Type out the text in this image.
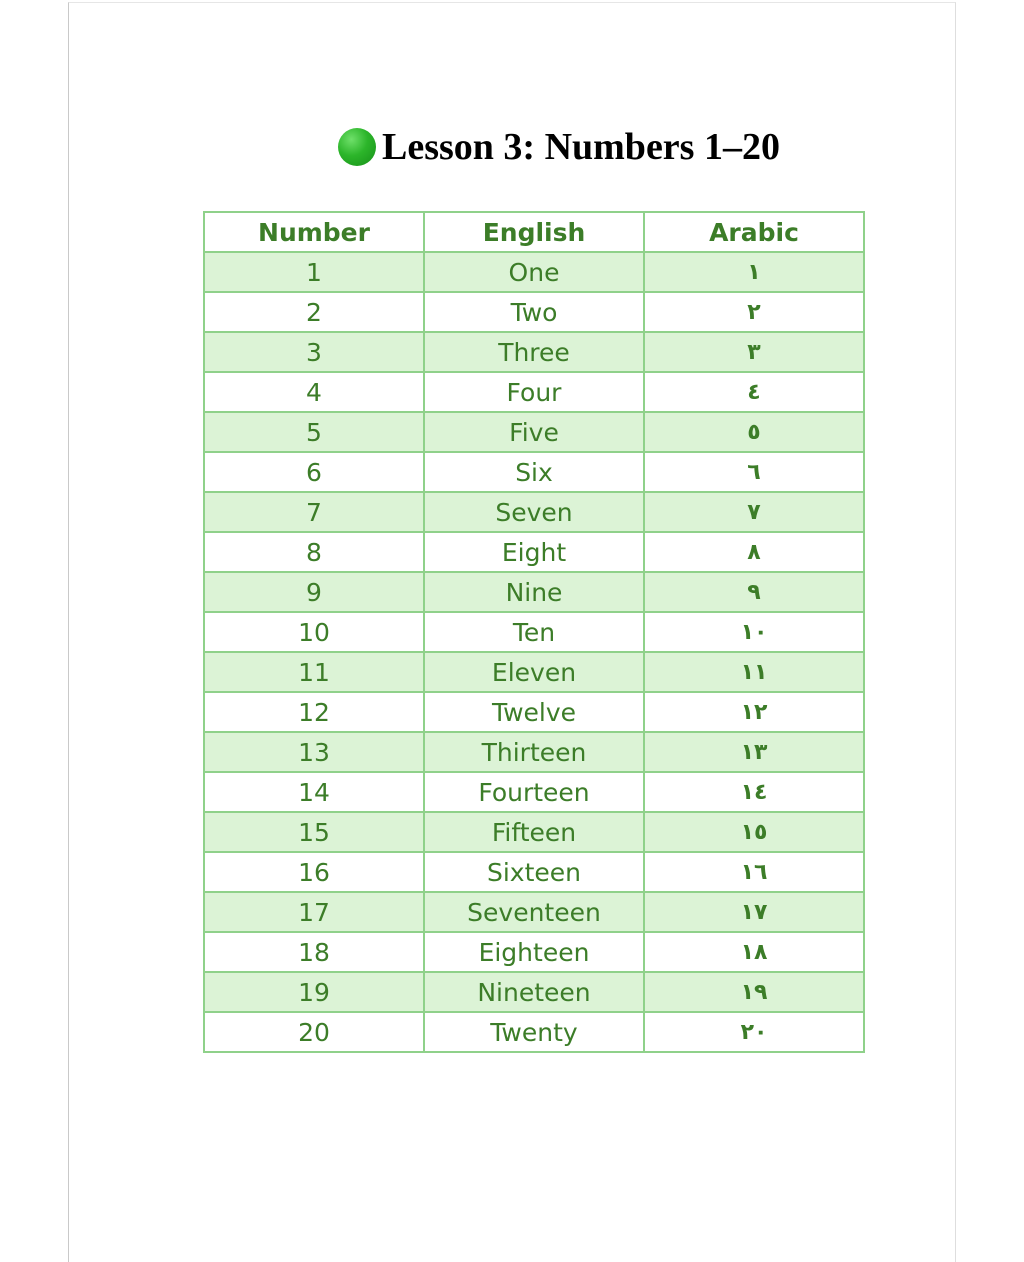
Lesson 3: Numbers 1–20
Number	English	Arabic
1	One	١
2	Two	٢
3	Three	٣
4	Four	٤
5	Five	٥
6	Six	٦
7	Seven	٧
8	Eight	٨
9	Nine	٩
10	Ten	١٠
11	Eleven	١١
12	Twelve	١٢
13	Thirteen	١٣
14	Fourteen	١٤
15	Fifteen	١٥
16	Sixteen	١٦
17	Seventeen	١٧
18	Eighteen	١٨
19	Nineteen	١٩
20	Twenty	٢٠
